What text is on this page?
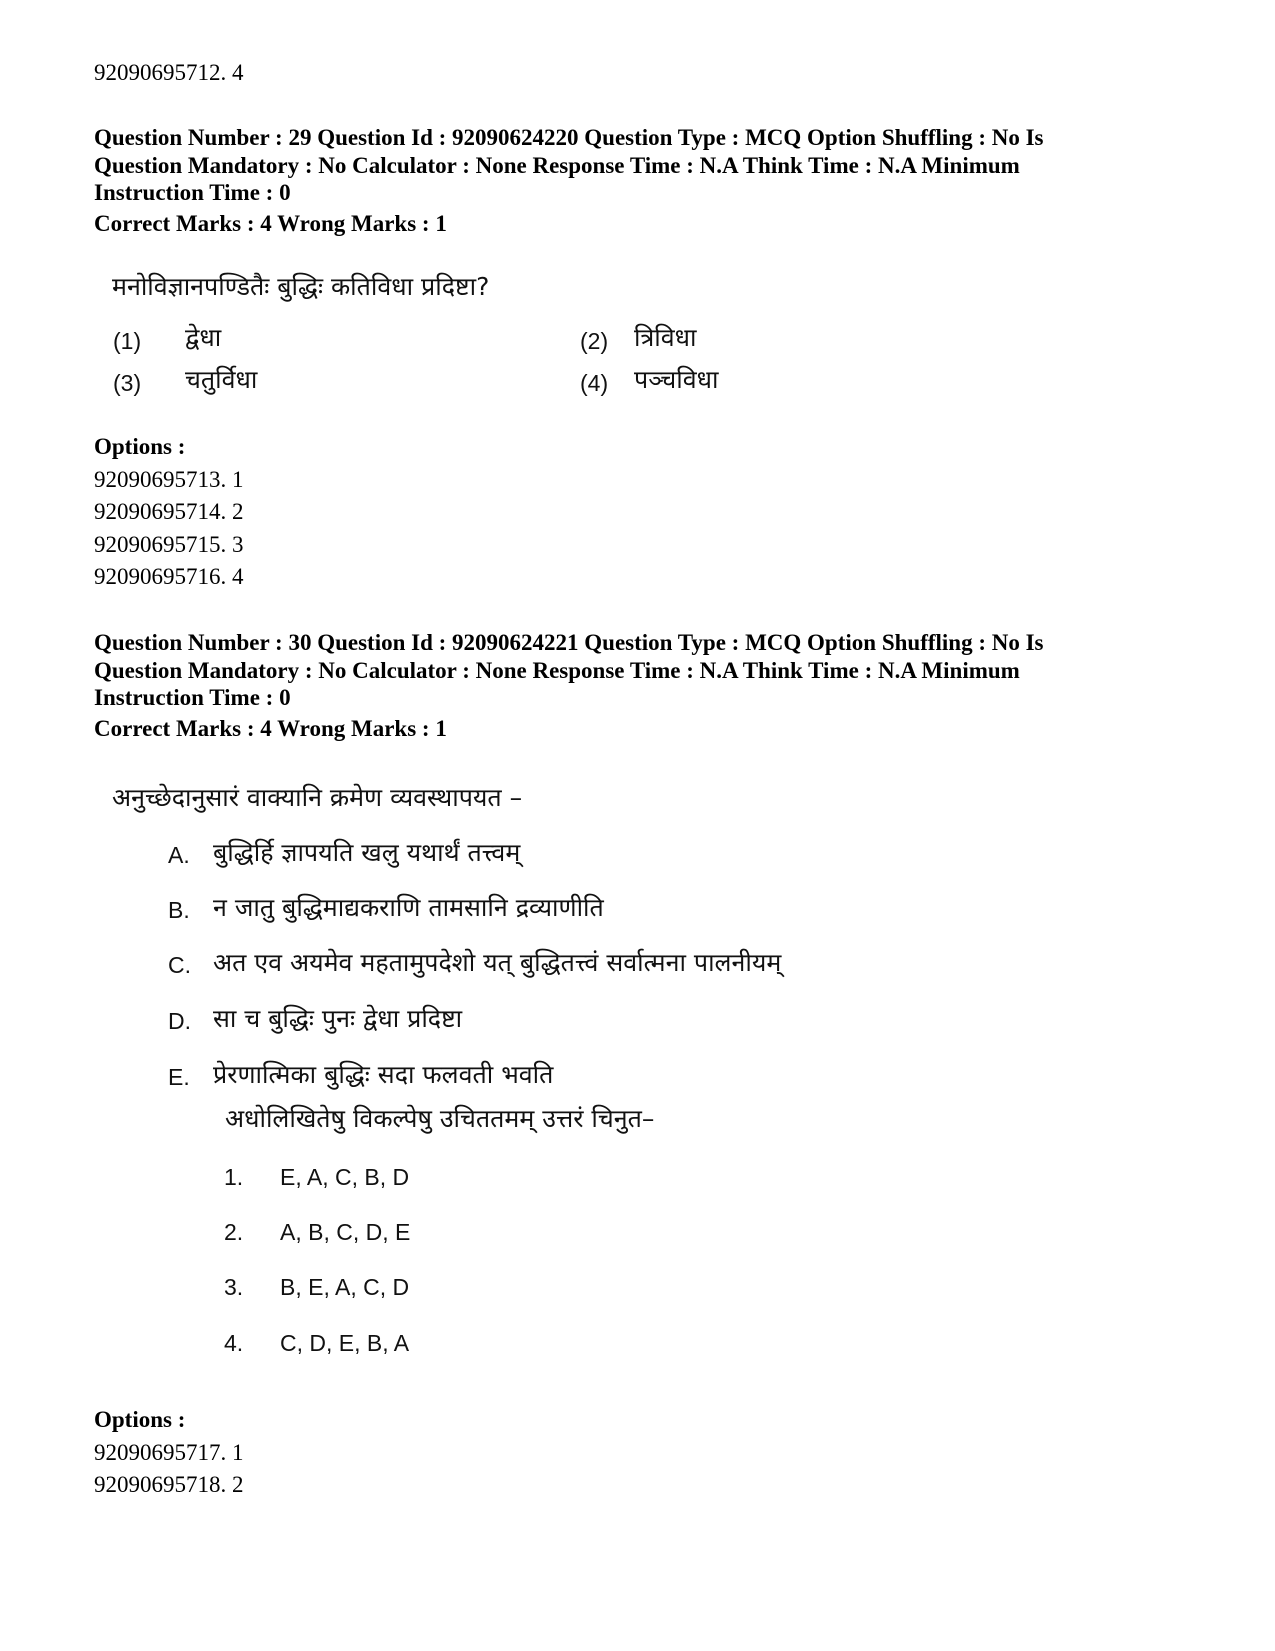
92090695712. 4
Question Number : 29 Question Id : 92090624220 Question Type : MCQ Option Shuffling : No Is Question Mandatory : No Calculator : None Response Time : N.A Think Time : N.A Minimum Instruction Time : 0
Correct Marks : 4 Wrong Marks : 1
मनोविज्ञानपण्डितैः बुद्धिः कतिविधा प्रदिष्टा?
(1) द्वेधा	(2) त्रिविधा
(3) चतुर्विधा	(4) पञ्चविधा
Options :
92090695713. 1
92090695714. 2
92090695715. 3
92090695716. 4
Question Number : 30 Question Id : 92090624221 Question Type : MCQ Option Shuffling : No Is Question Mandatory : No Calculator : None Response Time : N.A Think Time : N.A Minimum Instruction Time : 0
Correct Marks : 4 Wrong Marks : 1
अनुच्छेदानुसारं वाक्यानि क्रमेण व्यवस्थापयत –
A. बुद्धिर्हि ज्ञापयति खलु यथार्थं तत्त्वम्
B. न जातु बुद्धिमाद्यकराणि तामसानि द्रव्याणीति
C. अत एव अयमेव महतामुपदेशो यत् बुद्धितत्त्वं सर्वात्मना पालनीयम्
D. सा च बुद्धिः पुनः द्वेधा प्रदिष्टा
E. प्रेरणात्मिका बुद्धिः सदा फलवती भवति
अधोलिखितेषु विकल्पेषु उचिततमम् उत्तरं चिनुत–
1. E, A, C, B, D
2. A, B, C, D, E
3. B, E, A, C, D
4. C, D, E, B, A
Options :
92090695717. 1
92090695718. 2
